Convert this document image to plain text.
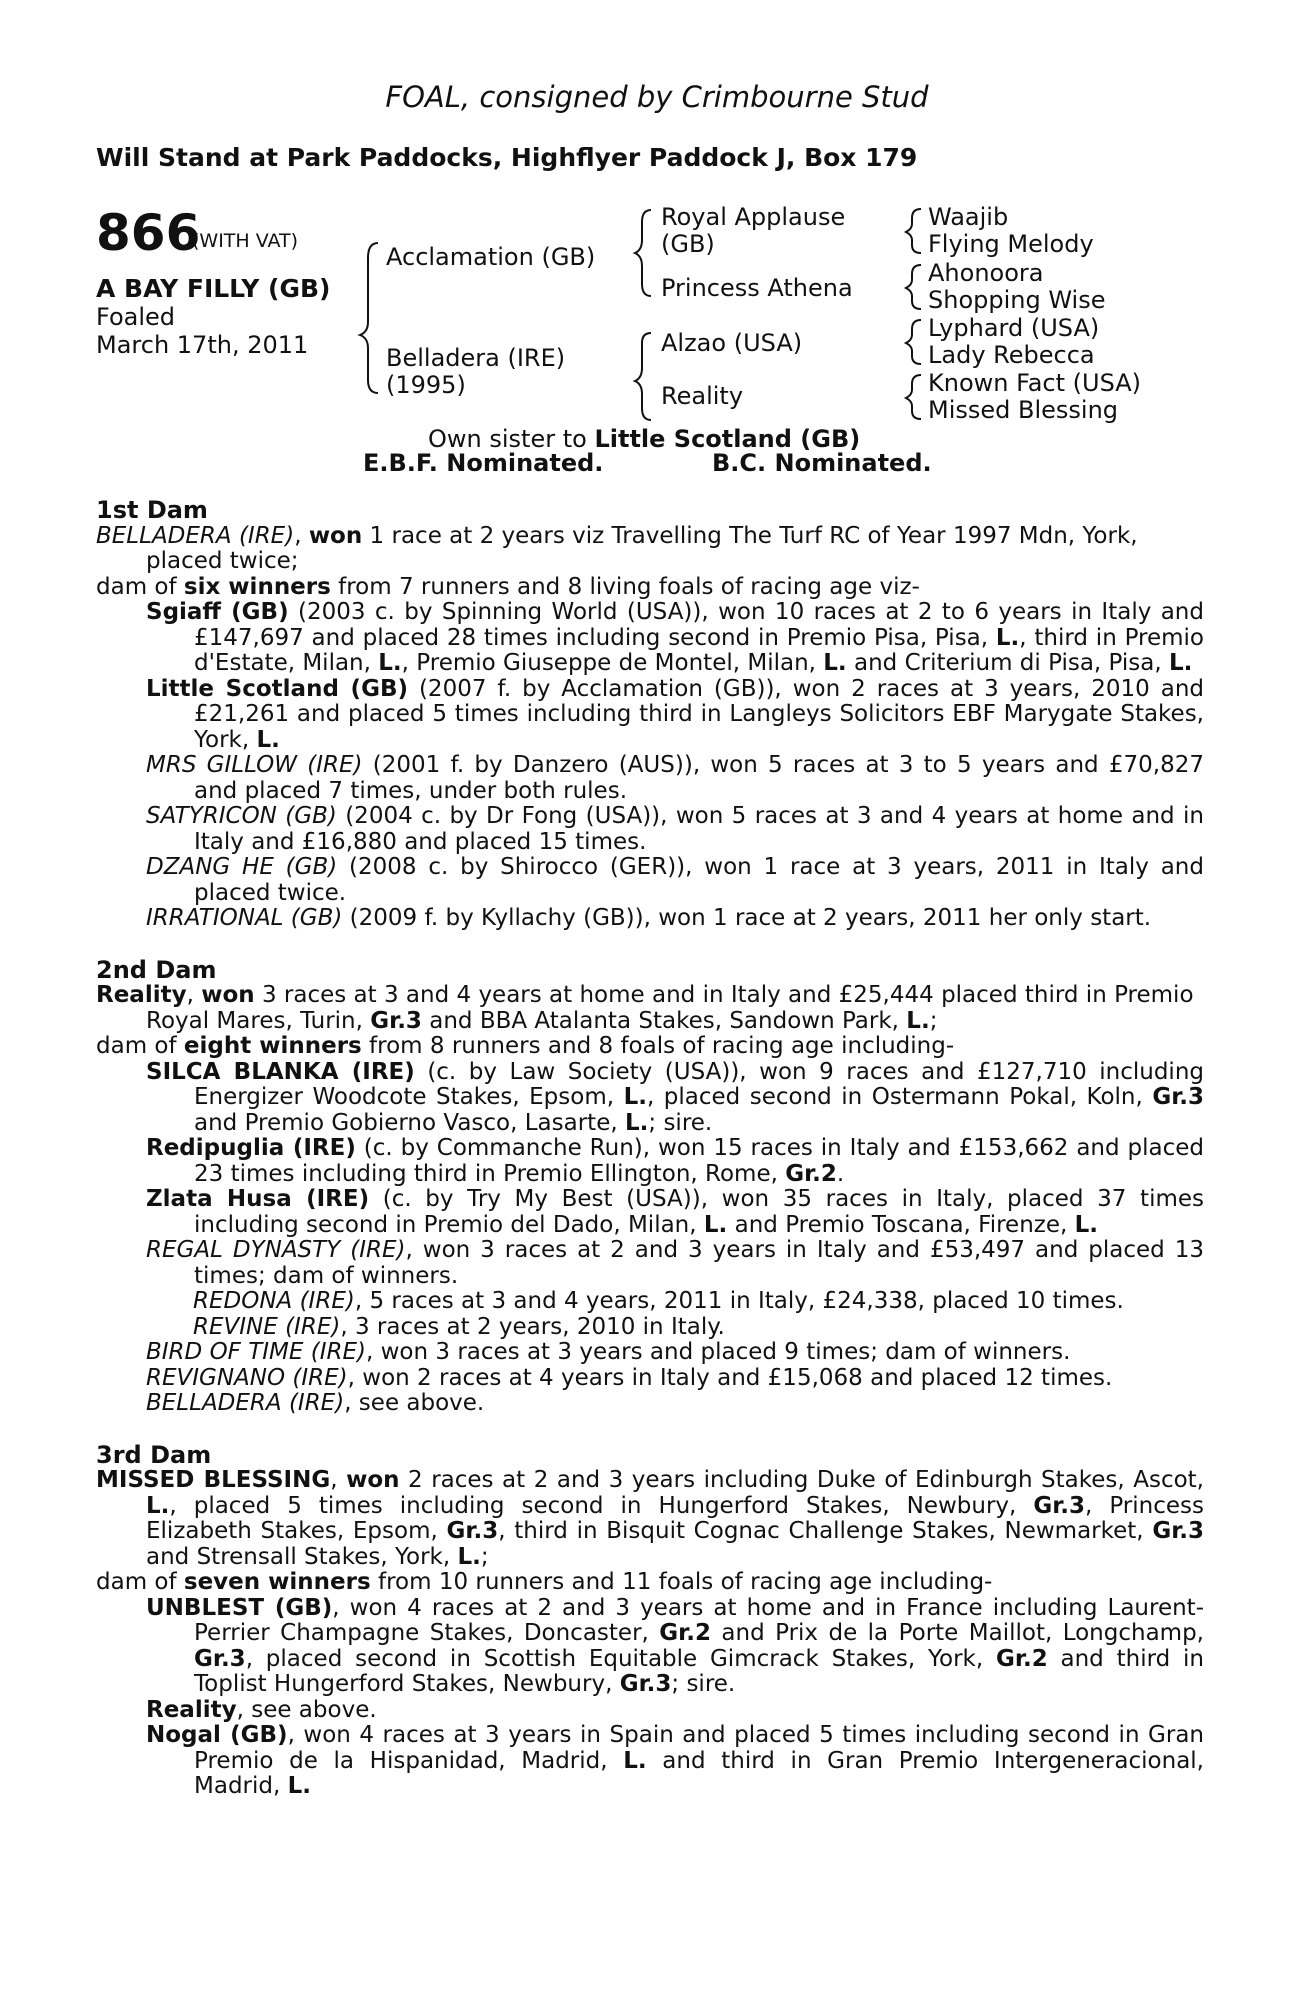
FOAL, consigned by Crimbourne Stud
Will Stand at Park Paddocks, Highflyer Paddock J, Box 179
866
(WITH VAT)
A BAY FILLY (GB)
Foaled
March 17th, 2011
Acclamation (GB)
Belladera (IRE)
(1995)
Royal Applause
(GB)
Princess Athena
Alzao (USA)
Reality
Waajib
Flying Melody
Ahonoora
Shopping Wise
Lyphard (USA)
Lady Rebecca
Known Fact (USA)
Missed Blessing
Own sister to Little Scotland (GB)
E.B.F. Nominated.	B.C. Nominated.

1st Dam

BELLADERA (IRE), won 1 race at 2 years viz Travelling The Turf RC of Year 1997 Mdn, York, placed twice;

dam of six winners from 7 runners and 8 living foals of racing age viz-

Sgiaff (GB) (2003 c. by Spinning World (USA)), won 10 races at 2 to 6 years in Italy and £147,697 and placed 28 times including second in Premio Pisa, Pisa, L., third in Premio d'Estate, Milan, L., Premio Giuseppe de Montel, Milan, L. and Criterium di Pisa, Pisa, L.

Little Scotland (GB) (2007 f. by Acclamation (GB)), won 2 races at 3 years, 2010 and £21,261 and placed 5 times including third in Langleys Solicitors EBF Marygate Stakes, York, L.

MRS GILLOW (IRE) (2001 f. by Danzero (AUS)), won 5 races at 3 to 5 years and £70,827 and placed 7 times, under both rules.

SATYRICON (GB) (2004 c. by Dr Fong (USA)), won 5 races at 3 and 4 years at home and in Italy and £16,880 and placed 15 times.

DZANG HE (GB) (2008 c. by Shirocco (GER)), won 1 race at 3 years, 2011 in Italy and placed twice.

IRRATIONAL (GB) (2009 f. by Kyllachy (GB)), won 1 race at 2 years, 2011 her only start.

2nd Dam

Reality, won 3 races at 3 and 4 years at home and in Italy and £25,444 placed third in Premio Royal Mares, Turin, Gr.3 and BBA Atalanta Stakes, Sandown Park, L.;

dam of eight winners from 8 runners and 8 foals of racing age including-

SILCA BLANKA (IRE) (c. by Law Society (USA)), won 9 races and £127,710 including Energizer Woodcote Stakes, Epsom, L., placed second in Ostermann Pokal, Koln, Gr.3 and Premio Gobierno Vasco, Lasarte, L.; sire.

Redipuglia (IRE) (c. by Commanche Run), won 15 races in Italy and £153,662 and placed 23 times including third in Premio Ellington, Rome, Gr.2.

Zlata Husa (IRE) (c. by Try My Best (USA)), won 35 races in Italy, placed 37 times including second in Premio del Dado, Milan, L. and Premio Toscana, Firenze, L.

REGAL DYNASTY (IRE), won 3 races at 2 and 3 years in Italy and £53,497 and placed 13 times; dam of winners.

REDONA (IRE), 5 races at 3 and 4 years, 2011 in Italy, £24,338, placed 10 times.

REVINE (IRE), 3 races at 2 years, 2010 in Italy.

BIRD OF TIME (IRE), won 3 races at 3 years and placed 9 times; dam of winners.

REVIGNANO (IRE), won 2 races at 4 years in Italy and £15,068 and placed 12 times.

BELLADERA (IRE), see above.

3rd Dam

MISSED BLESSING, won 2 races at 2 and 3 years including Duke of Edinburgh Stakes, Ascot, L., placed 5 times including second in Hungerford Stakes, Newbury, Gr.3, Princess Elizabeth Stakes, Epsom, Gr.3, third in Bisquit Cognac Challenge Stakes, Newmarket, Gr.3 and Strensall Stakes, York, L.;

dam of seven winners from 10 runners and 11 foals of racing age including-

UNBLEST (GB), won 4 races at 2 and 3 years at home and in France including Laurent-Perrier Champagne Stakes, Doncaster, Gr.2 and Prix de la Porte Maillot, Longchamp, Gr.3, placed second in Scottish Equitable Gimcrack Stakes, York, Gr.2 and third in Toplist Hungerford Stakes, Newbury, Gr.3; sire.

Reality, see above.

Nogal (GB), won 4 races at 3 years in Spain and placed 5 times including second in Gran Premio de la Hispanidad, Madrid, L. and third in Gran Premio Intergeneracional, Madrid, L.
